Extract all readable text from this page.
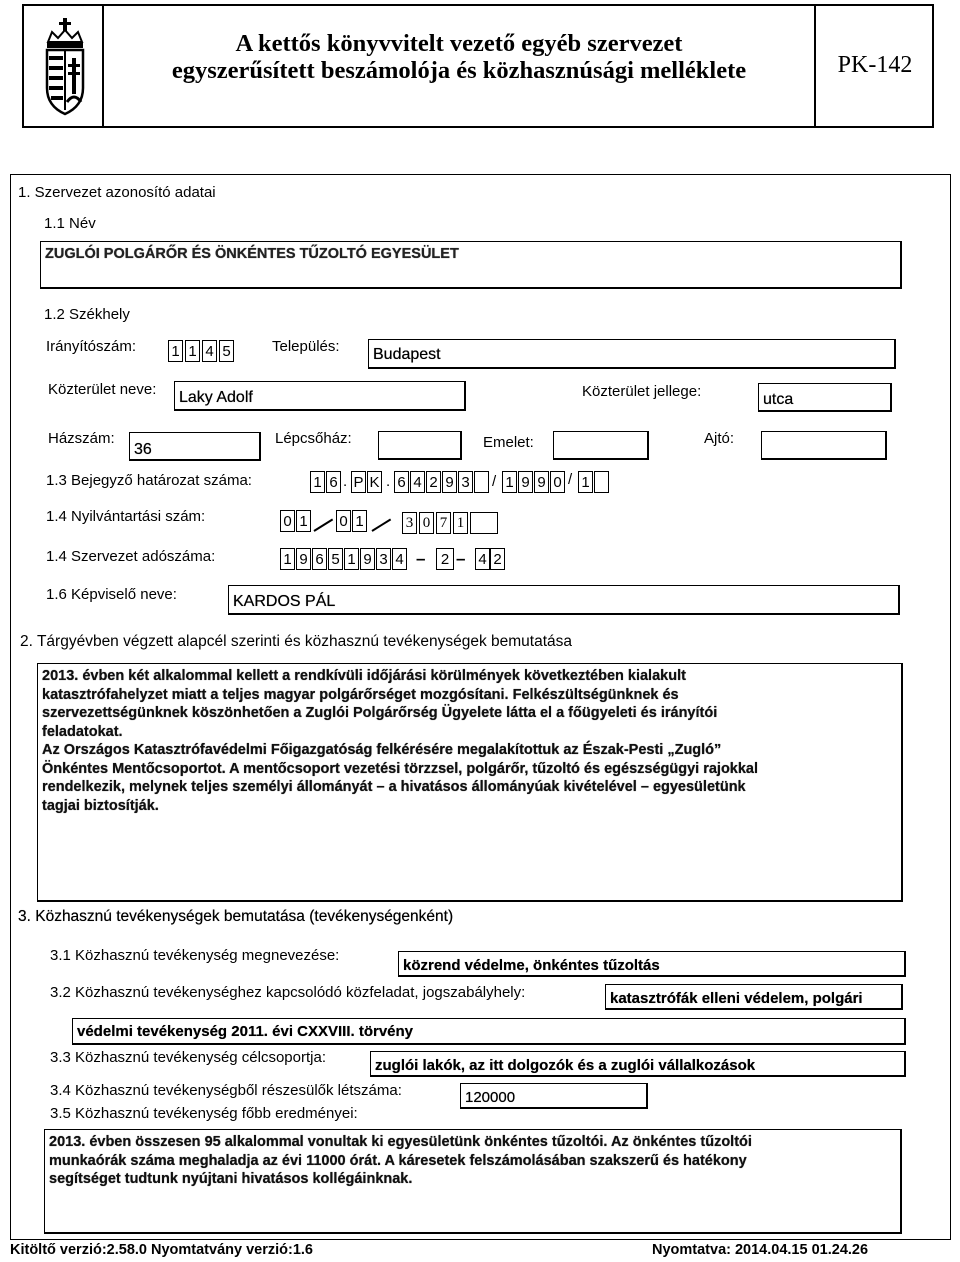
A kettős könyvvitelt vezető egyéb szervezet
egyszerűsített beszámolója és közhasznúsági melléklete	PK-142
1. Szervezet azonosító adatai
1.1 Név
ZUGLÓI POLGÁRŐR ÉS ÖNKÉNTES TŰZOLTÓ EGYESÜLET
1.2 Székhely
Irányítószám: 1 1 4 5	Település:	Budapest
Közterület neve:	Laky Adolf	Közterület jellege:	utca
Házszám:
36
Lépcsőház:	Emelet:	Ajtó:
1.3 Bejegyző határozat száma:	1 6 . P K . 6 4 2 9 3 / 1 9 9 0 / 1
1.4 Nyilvántartási szám:	0 1 0 1	3 0 7 1
1.4 Szervezet adószáma:	1 9 6 5 1 9 3 4 –	2 – 4 2
1.6 Képviselő neve:	KARDOS PÁL
2. Tárgyévben végzett alapcél szerinti és közhasznú tevékenységek bemutatása
2013. évben két alkalommal kellett a rendkívüli időjárási körülmények következtében kialakult
katasztrófahelyzet miatt a teljes magyar polgárőrséget mozgósítani. Felkészültségünknek és
szervezettségünknek köszönhetően a Zuglói Polgárőrség Ügyelete látta el a főügyeleti és irányítói
feladatokat.
Az Országos Katasztrófavédelmi Főigazgatóság felkérésére megalakítottuk az Észak-Pesti „Zugló”
Önkéntes Mentőcsoportot. A mentőcsoport vezetési törzzsel, polgárőr, tűzoltó és egészségügyi rajokkal
rendelkezik, melynek teljes személyi állományát – a hivatásos állományúak kivételével – egyesületünk
tagjai biztosítják.
3. Közhasznú tevékenységek bemutatása (tevékenységenként)
3.1 Közhasznú tevékenység megnevezése:
közrend védelme, önkéntes tűzoltás
3.2 Közhasznú tevékenységhez kapcsolódó közfeladat, jogszabályhely:	katasztrófák elleni védelem, polgári
védelmi tevékenység 2011. évi CXXVIII. törvény
3.3 Közhasznú tevékenység célcsoportja:	zuglói lakók, az itt dolgozók és a zuglói vállalkozások
3.4 Közhasznú tevékenységből részesülők létszáma:	120000
3.5 Közhasznú tevékenység főbb eredményei:
2013. évben összesen 95 alkalommal vonultak ki egyesületünk önkéntes tűzoltói. Az önkéntes tűzoltói
munkaórák száma meghaladja az évi 11000 órát. A káresetek felszámolásában szakszerű és hatékony
segítséget tudtunk nyújtani hivatásos kollégáinknak.
Kitöltő verzió:2.58.0 Nyomtatvány verzió:1.6	Nyomtatva: 2014.04.15 01.24.26
